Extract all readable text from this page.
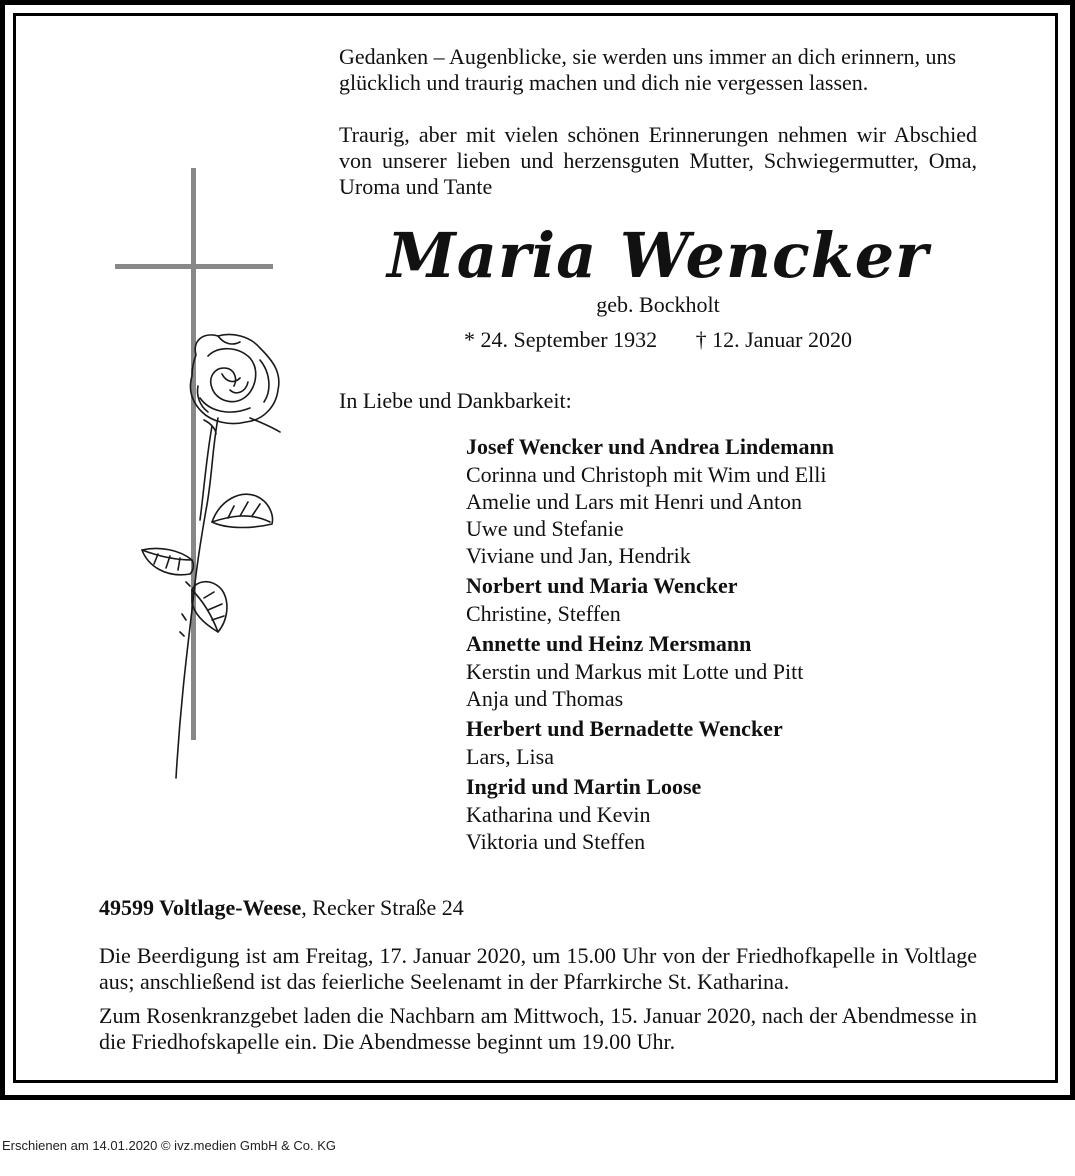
Gedanken – Augenblicke, sie werden uns immer an dich erinnern, uns glücklich und traurig machen und dich nie vergessen lassen.

Traurig, aber mit vielen schönen Erinnerungen nehmen wir Abschied von unserer lieben und herzensguten Mutter, Schwiegermutter, Oma, Uroma und Tante

Maria Wencker
geb. Bockholt
* 24. September 1932 † 12. Januar 2020
In Liebe und Dankbarkeit:
Josef Wencker und Andrea Lindemann
Corinna und Christoph mit Wim und Elli
Amelie und Lars mit Henri und Anton
Uwe und Stefanie
Viviane und Jan, Hendrik
Norbert und Maria Wencker
Christine, Steffen
Annette und Heinz Mersmann
Kerstin und Markus mit Lotte und Pitt
Anja und Thomas
Herbert und Bernadette Wencker
Lars, Lisa
Ingrid und Martin Loose
Katharina und Kevin
Viktoria und Steffen
49599 Voltlage-Weese, Recker Straße 24

Die Beerdigung ist am Freitag, 17. Januar 2020, um 15.00 Uhr von der Friedhofkapelle in Voltlage aus; anschließend ist das feierliche Seelenamt in der Pfarrkirche St. Katharina.

Zum Rosenkranzgebet laden die Nachbarn am Mittwoch, 15. Januar 2020, nach der Abendmesse in die Friedhofskapelle ein. Die Abendmesse beginnt um 19.00 Uhr.

Erschienen am 14.01.2020 © ivz.medien GmbH & Co. KG
